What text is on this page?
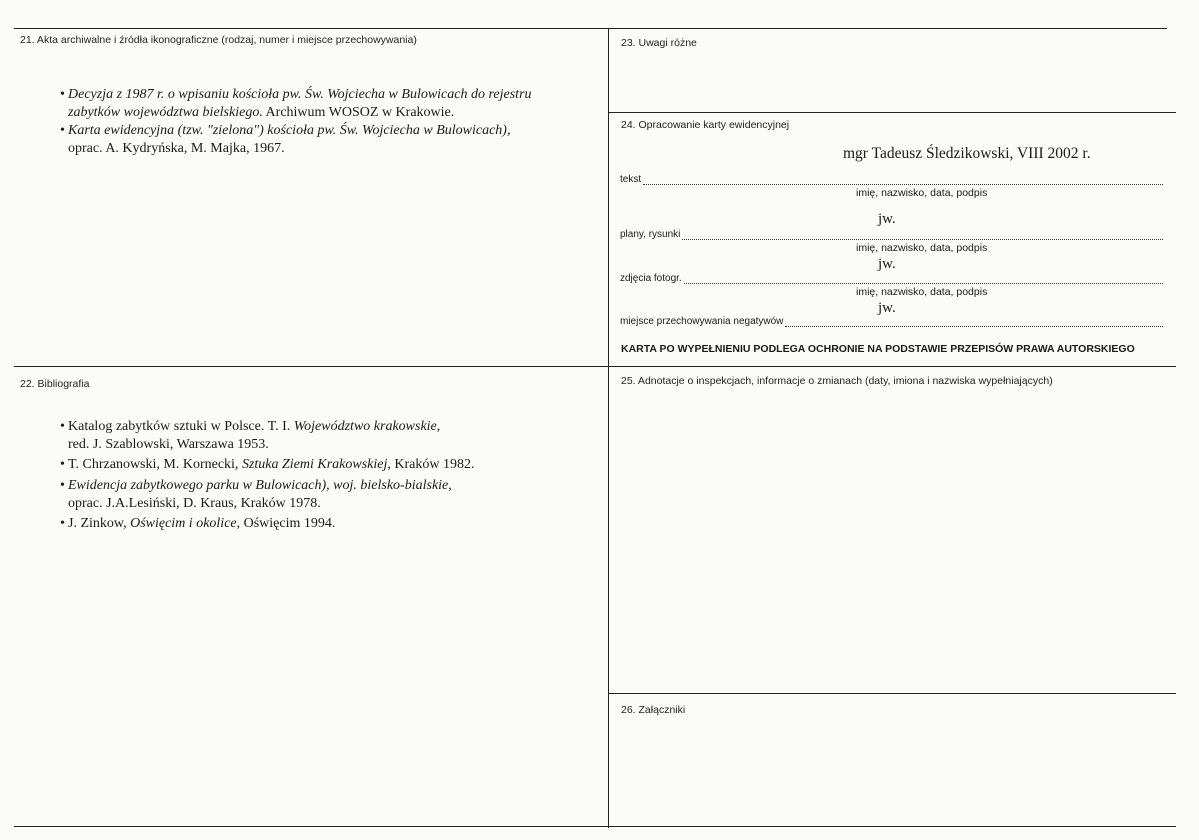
21. Akta archiwalne i źródła ikonograficzne (rodzaj, numer i miejsce przechowywania)
• Decyzja z 1987 r. o wpisaniu kościoła pw. Św. Wojciecha w Bulowicach do rejestru
zabytków województwa bielskiego. Archiwum WOSOZ w Krakowie.
• Karta ewidencyjna (tzw. "zielona") kościoła pw. Św. Wojciecha w Bulowicach),
oprac. A. Kydryńska, M. Majka, 1967.
22. Bibliografia
• Katalog zabytków sztuki w Polsce. T. I. Województwo krakowskie,
red. J. Szablowski, Warszawa 1953.
• T. Chrzanowski, M. Kornecki, Sztuka Ziemi Krakowskiej, Kraków 1982.
• Ewidencja zabytkowego parku w Bulowicach), woj. bielsko-bialskie,
oprac. J.A.Lesiński, D. Kraus, Kraków 1978.
• J. Zinkow, Oświęcim i okolice, Oświęcim 1994.
23. Uwagi różne
24. Opracowanie karty ewidencyjnej
mgr Tadeusz Śledzikowski, VIII 2002 r.
tekst
imię, nazwisko, data, podpis
jw.
plany, rysunki
imię, nazwisko, data, podpis
jw.
zdjęcia fotogr.
imię, nazwisko, data, podpis
jw.
miejsce przechowywania negatywów
KARTA PO WYPEŁNIENIU PODLEGA OCHRONIE NA PODSTAWIE PRZEPISÓW PRAWA AUTORSKIEGO
25. Adnotacje o inspekcjach, informacje o zmianach (daty, imiona i nazwiska wypełniających)
26. Załączniki
